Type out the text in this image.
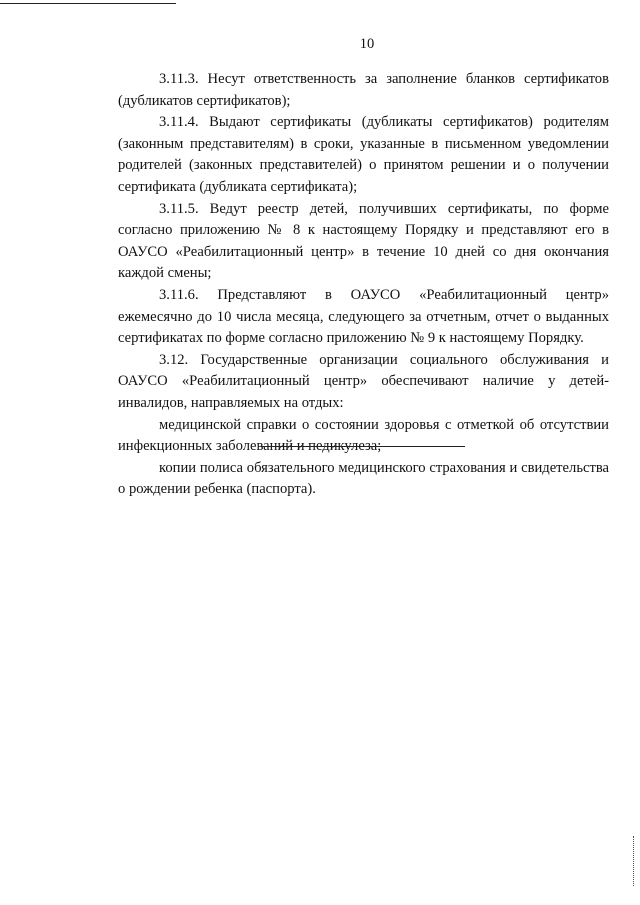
10

3.11.3. Несут ответственность за заполнение бланков сертификатов (дубликатов сертификатов);

3.11.4. Выдают сертификаты (дубликаты сертификатов) родителям (законным представителям) в сроки, указанные в письменном уведомлении родителей (законных представителей) о принятом решении и о получении сертификата (дубликата сертификата);

3.11.5. Ведут реестр детей, получивших сертификаты, по форме согласно приложению № 8 к настоящему Порядку и представляют его в ОАУСО «Реабилитационный центр» в течение 10 дней со дня окончания каждой смены;

3.11.6. Представляют в ОАУСО «Реабилитационный центр» ежемесячно до 10 числа месяца, следующего за отчетным, отчет о выданных сертификатах по форме согласно приложению № 9 к настоящему Порядку.

3.12. Государственные организации социального обслуживания и ОАУСО «Реабилитационный центр» обеспечивают наличие у детей-инвалидов, направляемых на отдых:

медицинской справки о состоянии здоровья с отметкой об отсутствии инфекционных заболеваний и педикулеза;

копии полиса обязательного медицинского страхования и свидетельства о рождении ребенка (паспорта).
